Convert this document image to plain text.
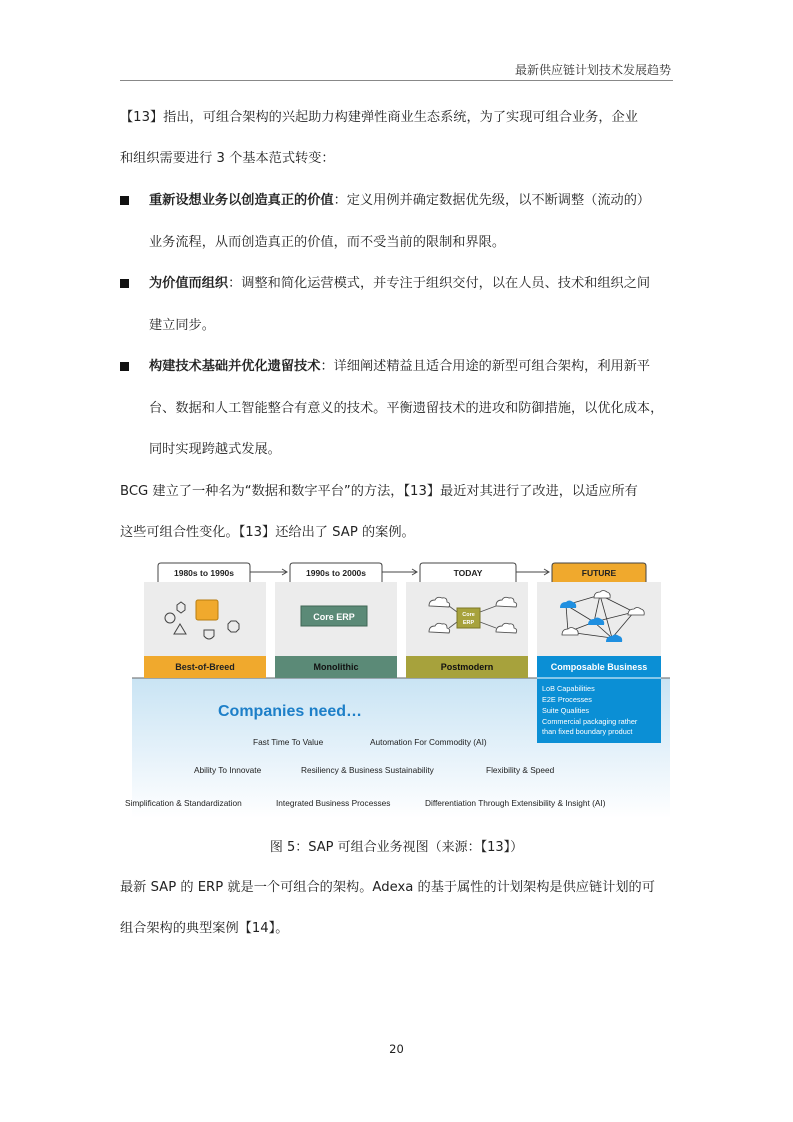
最新供应链计划技术发展趋势

【13】指出，可组合架构的兴起助力构建弹性商业生态系统，为了实现可组合业务，企业

和组织需要进行 3 个基本范式转变：

重新设想业务以创造真正的价值：定义用例并确定数据优先级，以不断调整（流动的）
业务流程，从而创造真正的价值，而不受当前的限制和界限。
为价值而组织：调整和简化运营模式，并专注于组织交付，以在人员、技术和组织之间
建立同步。
构建技术基础并优化遗留技术：详细阐述精益且适合用途的新型可组合架构，利用新平
台、数据和人工智能整合有意义的技术。平衡遗留技术的进攻和防御措施，以优化成本，
同时实现跨越式发展。

BCG 建立了一种名为“数据和数字平台”的方法，【13】最近对其进行了改进，以适应所有

这些可组合性变化。【13】还给出了 SAP 的案例。

1980s to 1990s	1990s to 2000s	TODAY	FUTURE
Core ERP	Core
ERP
Best-of-Breed	Monolithic	Postmodern	Composable Business
LoB Capabilities
E2E Processes
Suite Qualities
Commercial packaging rather
than fixed boundary product
Companies need…
Fast Time To Value	Automation For Commodity (AI)
Ability To Innovate	Resiliency & Business Sustainability	Flexibility & Speed
Simplification & Standardization	Integrated Business Processes	Differentiation Through Extensibility & Insight (AI)
图 5：SAP 可组合业务视图（来源：【13】）

最新 SAP 的 ERP 就是一个可组合的架构。Adexa 的基于属性的计划架构是供应链计划的可

组合架构的典型案例【14】。

20
